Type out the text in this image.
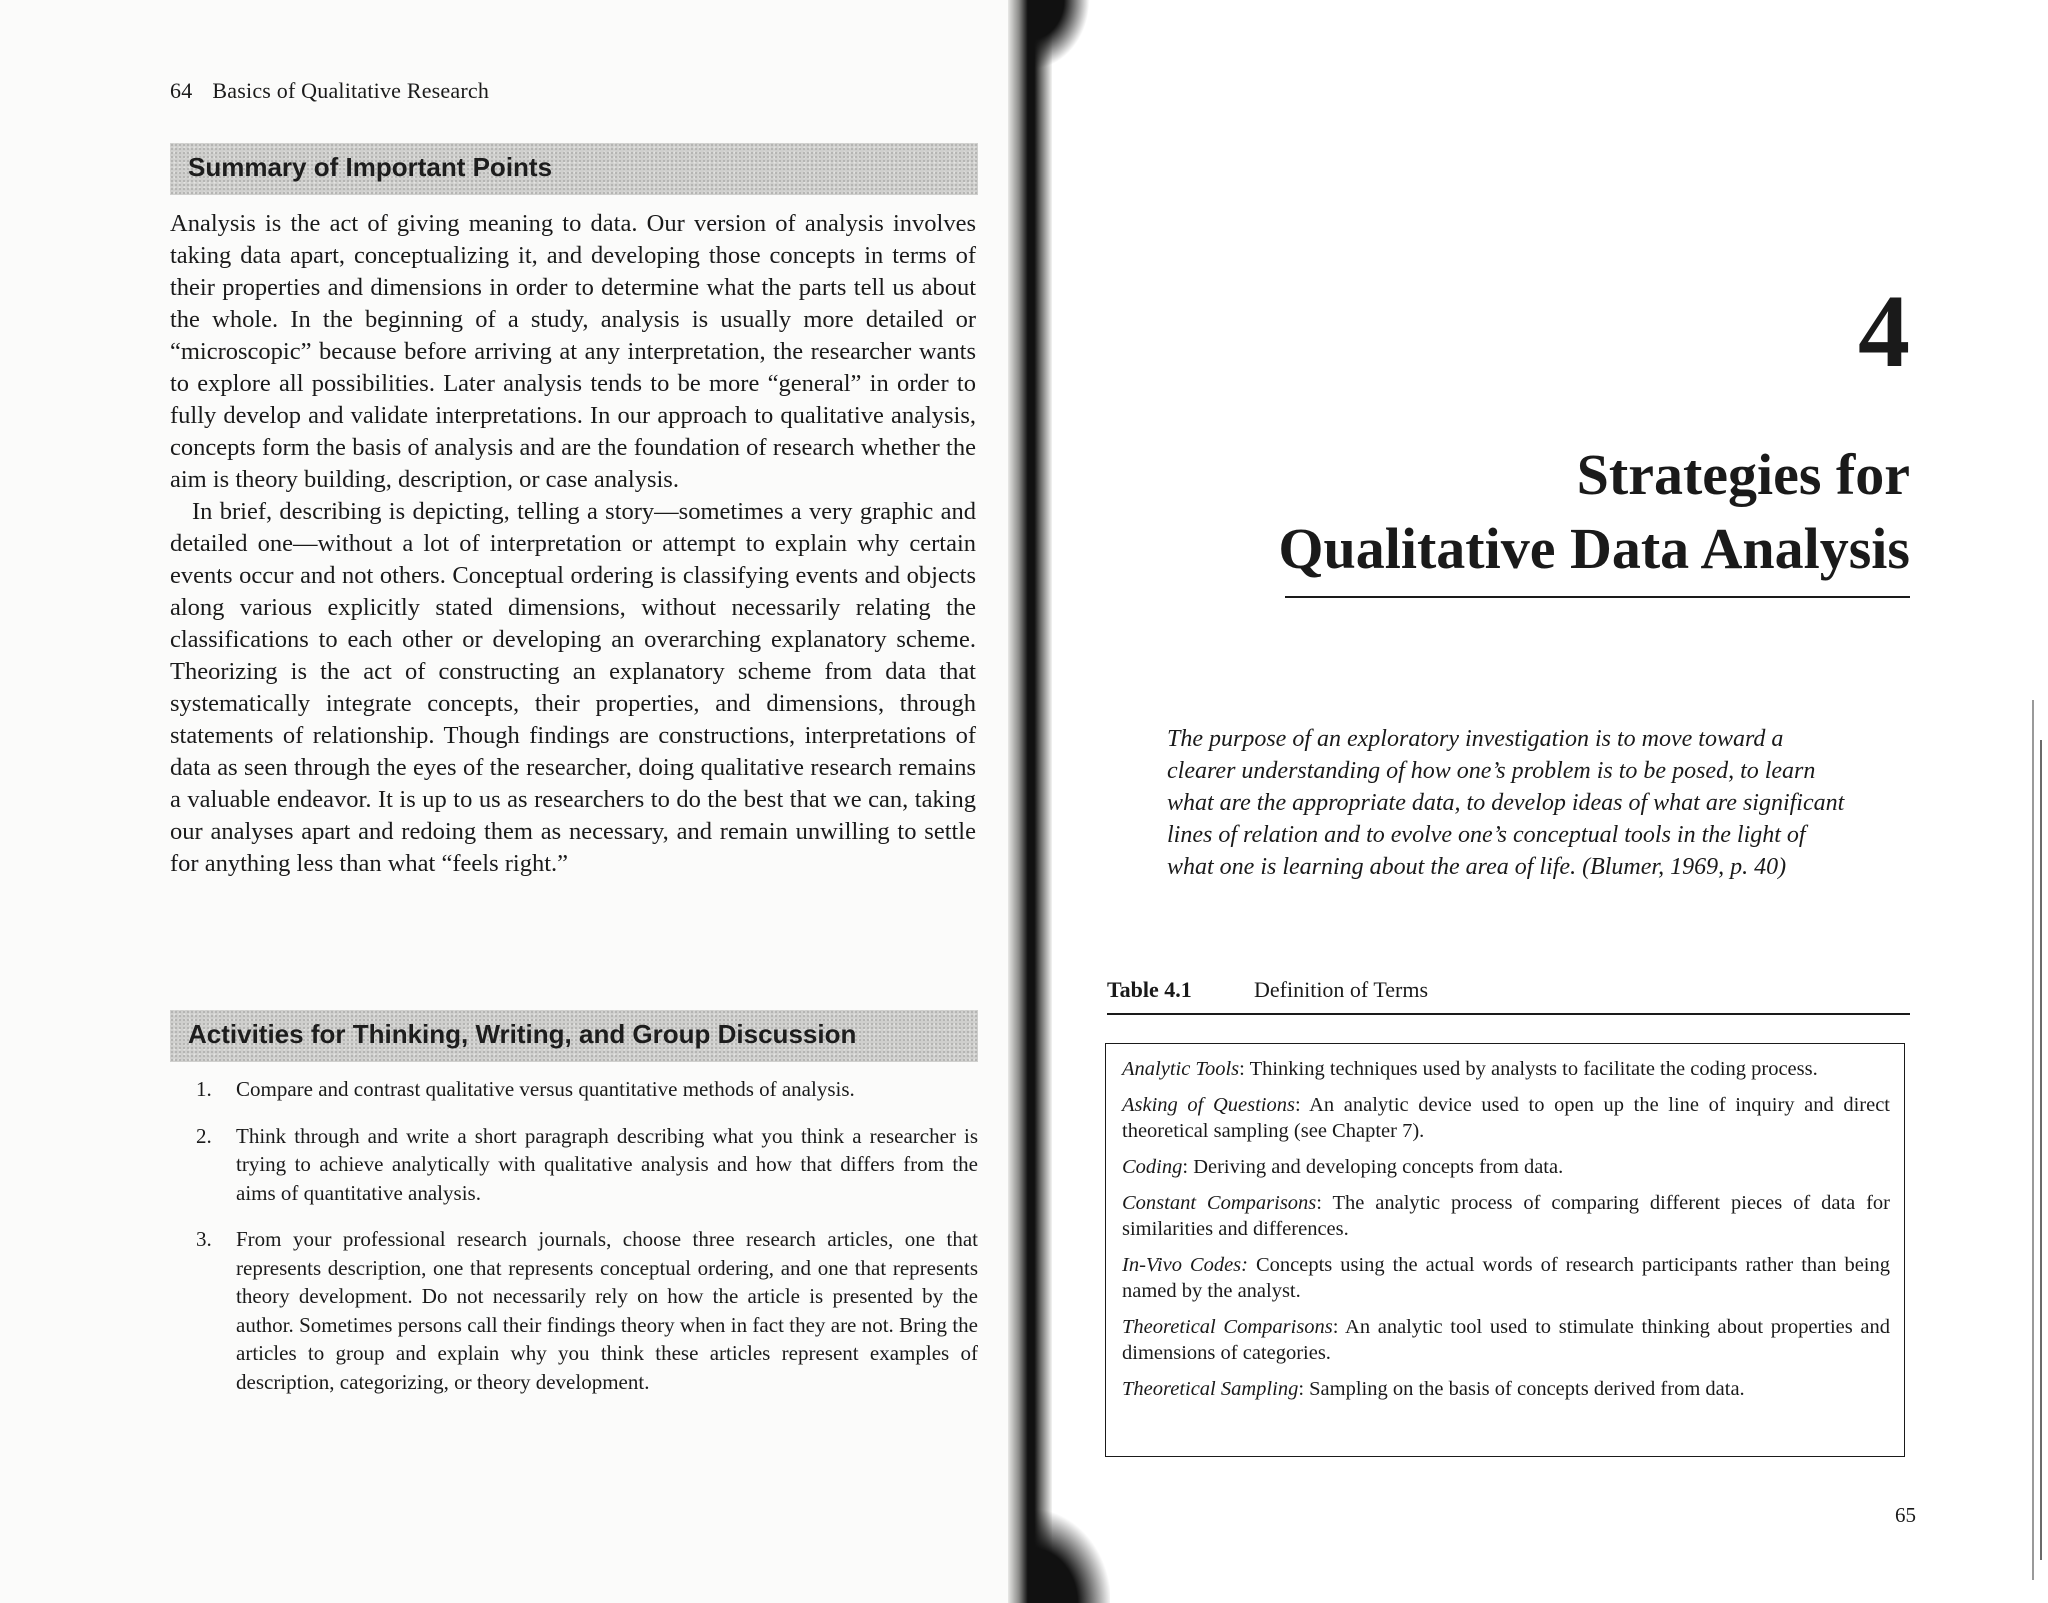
64 Basics of Qualitative Research
Summary of Important Points

Analysis is the act of giving meaning to data. Our version of analysis involves taking data apart, conceptualizing it, and developing those concepts in terms of their properties and dimensions in order to determine what the parts tell us about the whole. In the beginning of a study, analysis is usually more detailed or “microscopic” because before arriving at any interpretation, the researcher wants to explore all possibilities. Later analysis tends to be more “general” in order to fully develop and validate interpretations. In our approach to qualitative analysis, concepts form the basis of analysis and are the foundation of research whether the aim is theory building, description, or case analysis.

In brief, describing is depicting, telling a story—sometimes a very graphic and detailed one—without a lot of interpretation or attempt to explain why certain events occur and not others. Conceptual ordering is classifying events and objects along various explicitly stated dimensions, without necessarily relating the classifications to each other or developing an overarching explanatory scheme. Theorizing is the act of constructing an explanatory scheme from data that systematically integrate concepts, their properties, and dimensions, through statements of relationship. Though findings are constructions, interpretations of data as seen through the eyes of the researcher, doing qualitative research remains a valuable endeavor. It is up to us as researchers to do the best that we can, taking our analyses apart and redoing them as necessary, and remain unwilling to settle for anything less than what “feels right.”

Activities for Thinking, Writing, and Group Discussion
1. Compare and contrast qualitative versus quantitative methods of analysis.
2. Think through and write a short paragraph describing what you think a researcher is trying to achieve analytically with qualitative analysis and how that differs from the aims of quantitative analysis.
3. From your professional research journals, choose three research articles, one that represents description, one that represents conceptual ordering, and one that represents theory development. Do not necessarily rely on how the article is presented by the author. Sometimes persons call their findings theory when in fact they are not. Bring the articles to group and explain why you think these articles represent examples of description, categorizing, or theory development.
4
Strategies for
Qualitative Data Analysis
The purpose of an exploratory investigation is to move toward a clearer understanding of how one’s problem is to be posed, to learn what are the appropriate data, to develop ideas of what are significant lines of relation and to evolve one’s conceptual tools in the light of what one is learning about the area of life. (Blumer, 1969, p. 40)
Table 4.1	Definition of Terms
Analytic Tools: Thinking techniques used by analysts to facilitate the coding process.
Asking of Questions: An analytic device used to open up the line of inquiry and direct theoretical sampling (see Chapter 7).
Coding: Deriving and developing concepts from data.
Constant Comparisons: The analytic process of comparing different pieces of data for similarities and differences.
In-Vivo Codes: Concepts using the actual words of research participants rather than being named by the analyst.
Theoretical Comparisons: An analytic tool used to stimulate thinking about properties and dimensions of categories.
Theoretical Sampling: Sampling on the basis of concepts derived from data.
65
